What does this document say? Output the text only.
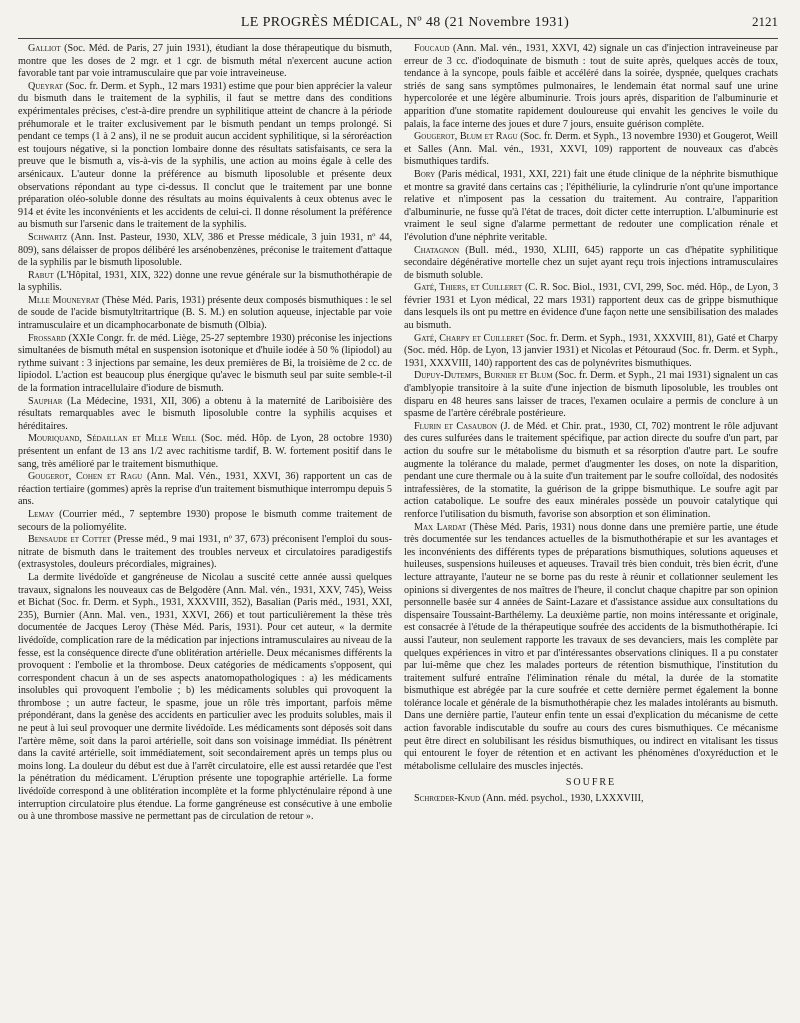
LE PROGRÈS MÉDICAL, Nº 48 (21 Novembre 1931)	2121

Galliot (Soc. Méd. de Paris, 27 juin 1931), étudiant la dose thérapeutique du bismuth, montre que les doses de 2 mgr. et 1 cgr. de bismuth métal n'exercent aucune action favorable tant par voie intramusculaire que par voie intraveineuse.

Queyrat (Soc. fr. Derm. et Syph., 12 mars 1931) estime que pour bien apprécier la valeur du bismuth dans le traitement de la syphilis, il faut se mettre dans des conditions expérimentales précises, c'est-à-dire prendre un syphilitique atteint de chancre à la période préhumorale et le traiter exclusivement par le bismuth pendant un temps prolongé. Si pendant ce temps (1 à 2 ans), il ne se produit aucun accident syphilitique, si la séroréaction est toujours négative, si la ponction lombaire donne des résultats satisfaisants, ce sera la preuve que le bismuth a, vis-à-vis de la syphilis, une action au moins égale à celle des arsénicaux. L'auteur donne la préférence au bismuth liposoluble et présente deux observations répondant au type ci-dessus. Il conclut que le traitement par une bonne préparation oléo-soluble donne des résultats au moins équivalents à ceux obtenus avec le 914 et évite les inconvénients et les accidents de celui-ci. Il donne résolument la préférence au bismuth sur l'arsenic dans le traitement de la syphilis.

Schwartz (Ann. Inst. Pasteur, 1930, XLV, 386 et Presse médicale, 3 juin 1931, nº 44, 809), sans délaisser de propos délibéré les arsénobenzènes, préconise le traitement d'attaque de la syphilis par le bismuth liposoluble.

Rabut (L'Hôpital, 1931, XIX, 322) donne une revue générale sur la bismuthothérapie de la syphilis.

Mlle Mouneyrat (Thèse Méd. Paris, 1931) présente deux composés bismuthiques : le sel de soude de l'acide bismutyltritartrique (B. S. M.) en solution aqueuse, injectable par voie intramusculaire et un dicamphocarbonate de bismuth (Olbia).

Frossard (XXIe Congr. fr. de méd. Liège, 25-27 septembre 1930) préconise les injections simultanées de bismuth métal en suspension isotonique et d'huile iodée à 50 % (lipiodol) au rythme suivant : 3 injections par semaine, les deux premières de Bi, la troisième de 2 cc. de lipiodol. L'action est beaucoup plus énergique qu'avec le bismuth seul par suite semble-t-il de la formation intracellulaire d'iodure de bismuth.

Sauphar (La Médecine, 1931, XII, 306) a obtenu à la maternité de Lariboisière des résultats remarquables avec le bismuth liposoluble contre la syphilis acquises et héréditaires.

Mouriquand, Sédaillan et Mlle Weill (Soc. méd. Hôp. de Lyon, 28 octobre 1930) présentent un enfant de 13 ans 1/2 avec rachitisme tardif, B. W. fortement positif dans le sang, très amélioré par le traitement bismuthique.

Gougerot, Cohen et Ragu (Ann. Mal. Vén., 1931, XXVI, 36) rapportent un cas de réaction tertiaire (gommes) après la reprise d'un traitement bismuthique interrompu depuis 5 ans.

Lemay (Courrier méd., 7 septembre 1930) propose le bismuth comme traitement de secours de la poliomyélite.

Bensaude et Cottet (Presse méd., 9 mai 1931, nº 37, 673) préconisent l'emploi du sous-nitrate de bismuth dans le traitement des troubles nerveux et circulatoires paradigestifs (extrasystoles, douleurs précordiales, migraines).

La dermite livédoïde et gangréneuse de Nicolau a suscité cette année aussi quelques travaux, signalons les nouveaux cas de Belgodère (Ann. Mal. vén., 1931, XXV, 745), Weiss et Bichat (Soc. fr. Derm. et Syph., 1931, XXXVIII, 352), Basalian (Paris méd., 1931, XXI, 235), Burnier (Ann. Mal. ven., 1931, XXVI, 266) et tout particulièrement la thèse très documentée de Jacques Leroy (Thèse Méd. Paris, 1931). Pour cet auteur, « la dermite livédoïde, complication rare de la médication par injections intramusculaires au niveau de la fesse, est la conséquence directe d'une oblitération artérielle. Deux mécanismes différents la provoquent : l'embolie et la thrombose. Deux catégories de médicaments s'opposent, qui correspondent chacun à un de ses aspects anatomopathologiques : a) les médicaments insolubles qui provoquent l'embolie ; b) les médicaments solubles qui provoquent la thrombose ; un autre facteur, le spasme, joue un rôle très important, parfois même prépondérant, dans la genèse des accidents en particulier avec les produits solubles, mais il ne peut à lui seul provoquer une dermite livédoïde. Les médicaments sont déposés soit dans l'artère même, soit dans la paroi artérielle, soit dans son voisinage immédiat. Ils pénètrent dans la cavité artérielle, soit immédiatement, soit secondairement après un temps plus ou moins long. La douleur du début est due à l'arrêt circulatoire, elle est aussi retardée que l'est la pénétration du médicament. L'éruption présente une topographie artérielle. La forme livédoïde correspond à une oblitération incomplète et la forme phlycténulaire répond à une interruption circulatoire plus étendue. La forme gangréneuse est consécutive à une embolie ou à une thrombose massive ne permettant pas de circulation de retour ».

Foucaud (Ann. Mal. vén., 1931, XXVI, 42) signale un cas d'injection intraveineuse par erreur de 3 cc. d'iodoquinate de bismuth : tout de suite après, quelques accès de toux, tendance à la syncope, pouls faible et accéléré dans la soirée, dyspnée, quelques crachats striés de sang sans symptômes pulmonaires, le lendemain état normal sauf une urine hypercolorée et une légère albuminurie. Trois jours après, disparition de l'albuminurie et apparition d'une stomatite rapidement douloureuse qui envahit les gencives le voile du palais, la face interne des joues et dure 7 jours, ensuite guérison complète.

Gougerot, Blum et Ragu (Soc. fr. Derm. et Syph., 13 novembre 1930) et Gougerot, Weill et Salles (Ann. Mal. vén., 1931, XXVI, 109) rapportent de nouveaux cas d'abcès bismuthiques tardifs.

Bory (Paris médical, 1931, XXI, 221) fait une étude clinique de la néphrite bismuthique et montre sa gravité dans certains cas ; l'épithéliurie, la cylindrurie n'ont qu'une importance relative et n'imposent pas la cessation du traitement. Au contraire, l'apparition d'albuminurie, ne fusse qu'à l'état de traces, doit dicter cette interruption. L'albuminurie est vraiment le seul signe d'alarme permettant de redouter une complication rénale et l'évolution d'une néphrite veritable.

Chatagnon (Bull. méd., 1930, XLIII, 645) rapporte un cas d'hépatite syphilitique secondaire dégénérative mortelle chez un sujet ayant reçu trois injections intramusculaires de bismuth soluble.

Gaté, Thiers, et Cuilleret (C. R. Soc. Biol., 1931, CVI, 299, Soc. méd. Hôp., de Lyon, 3 février 1931 et Lyon médical, 22 mars 1931) rapportent deux cas de grippe bismuthique dans lesquels ils ont pu mettre en évidence d'une façon nette une sensibilisation des malades au bismuth.

Gaté, Charpy et Cuilleret (Soc. fr. Derm. et Syph., 1931, XXXVIII, 81), Gaté et Charpy (Soc. méd. Hôp. de Lyon, 13 janvier 1931) et Nicolas et Pétouraud (Soc. fr. Derm. et Syph., 1931, XXXVIII, 140) rapportent des cas de polynévrites bismuthiques.

Dupuy-Dutemps, Burnier et Blum (Soc. fr. Derm. et Syph., 21 mai 1931) signalent un cas d'amblyopie transitoire à la suite d'une injection de bismuth liposoluble, les troubles ont disparu en 48 heures sans laisser de traces, l'examen oculaire a permis de conclure à un spasme de l'artère cérébrale postérieure.

Flurin et Casaubon (J. de Méd. et Chir. prat., 1930, CI, 702) montrent le rôle adjuvant des cures sulfurées dans le traitement spécifique, par action directe du soufre d'un part, par action du soufre sur le métabolisme du bismuth et sa résorption d'autre part. Le soufre augmente la tolérance du malade, permet d'augmenter les doses, on note la disparition, pendant une cure thermale ou à la suite d'un traitement par le soufre colloïdal, des nodosités intrafessières, de la stomatite, la guérison de la grippe bismuthique. Le soufre agit par action catabolique. Le soufre des eaux minérales possède un pouvoir catalytique qui renforce l'utilisation du bismuth, favorise son absorption et son élimination.

Max Lardat (Thèse Méd. Paris, 1931) nous donne dans une première partie, une étude très documentée sur les tendances actuelles de la bismuthothérapie et sur les avantages et les inconvénients des différents types de préparations bismuthiques, solutions aqueuses et huileuses, suspensions huileuses et aqueuses. Travail très bien conduit, très bien écrit, d'une lecture attrayante, l'auteur ne se borne pas du reste à réunir et collationner seulement les opinions si divergentes de nos maîtres de l'heure, il conclut chaque chapitre par son opinion personnelle basée sur 4 années de Saint-Lazare et d'assistance assidue aux consultations du dispensaire Toussaint-Barthélemy. La deuxième partie, non moins intéressante et originale, est consacrée à l'étude de la thérapeutique soufrée des accidents de la bismuthothérapie. Ici aussi l'auteur, non seulement rapporte les travaux de ses devanciers, mais les complète par quelques expériences in vitro et par d'intéressantes observations cliniques. Il a pu constater par lui-même que chez les malades porteurs de rétention bismuthique, l'institution du traitement sulfuré entraîne l'élimination rénale du métal, la durée de la stomatite bismuthique est abrégée par la cure soufrée et cette dernière permet également la bonne tolérance locale et générale de la bismuthothérapie chez les malades intolérants au bismuth. Dans une dernière partie, l'auteur enfin tente un essai d'explication du mécanisme de cette action favorable indiscutable du soufre au cours des cures bismuthiques. Ce mécanisme peut être direct en solubilisant les résidus bismuthiques, ou indirect en vitalisant les tissus qui entourent le foyer de rétention et en activant les phénomènes d'oxyréduction et le métabolisme cellulaire des muscles injectés.

SOUFRE

Schrœder-Knud (Ann. méd. psychol., 1930, LXXXVIII,
